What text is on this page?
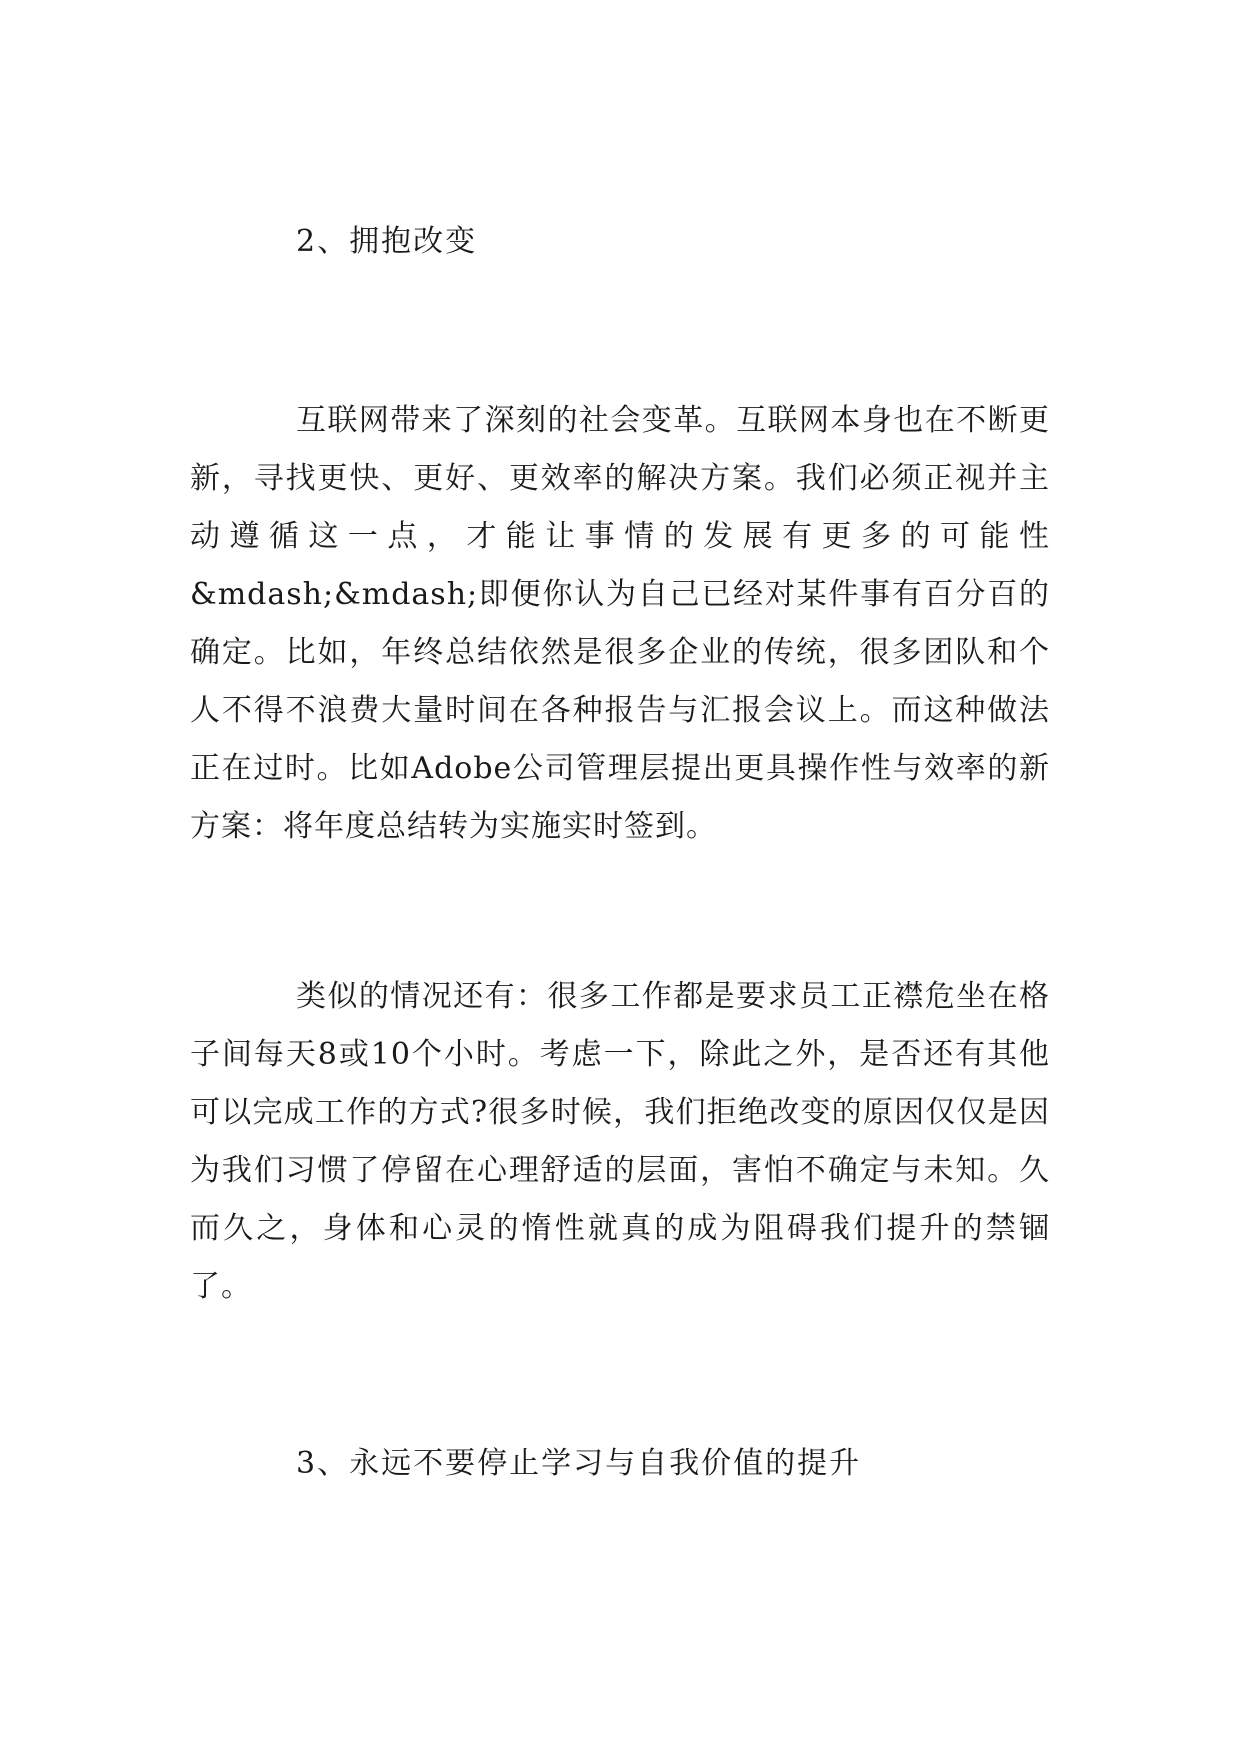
2、拥抱改变

互联网带来了深刻的社会变革。互联网本身也在不断更新，寻找更快、更好、更效率的解决方案。我们必须正视并主动遵循这一点，才能让事情的发展有更多的可能性&mdash;&mdash;即便你认为自己已经对某件事有百分百的确定。比如，年终总结依然是很多企业的传统，很多团队和个人不得不浪费大量时间在各种报告与汇报会议上。而这种做法正在过时。比如Adobe公司管理层提出更具操作性与效率的新方案：将年度总结转为实施实时签到。

类似的情况还有：很多工作都是要求员工正襟危坐在格子间每天8或10个小时。考虑一下，除此之外，是否还有其他可以完成工作的方式?很多时候，我们拒绝改变的原因仅仅是因为我们习惯了停留在心理舒适的层面，害怕不确定与未知。久而久之，身体和心灵的惰性就真的成为阻碍我们提升的禁锢了。

3、永远不要停止学习与自我价值的提升
